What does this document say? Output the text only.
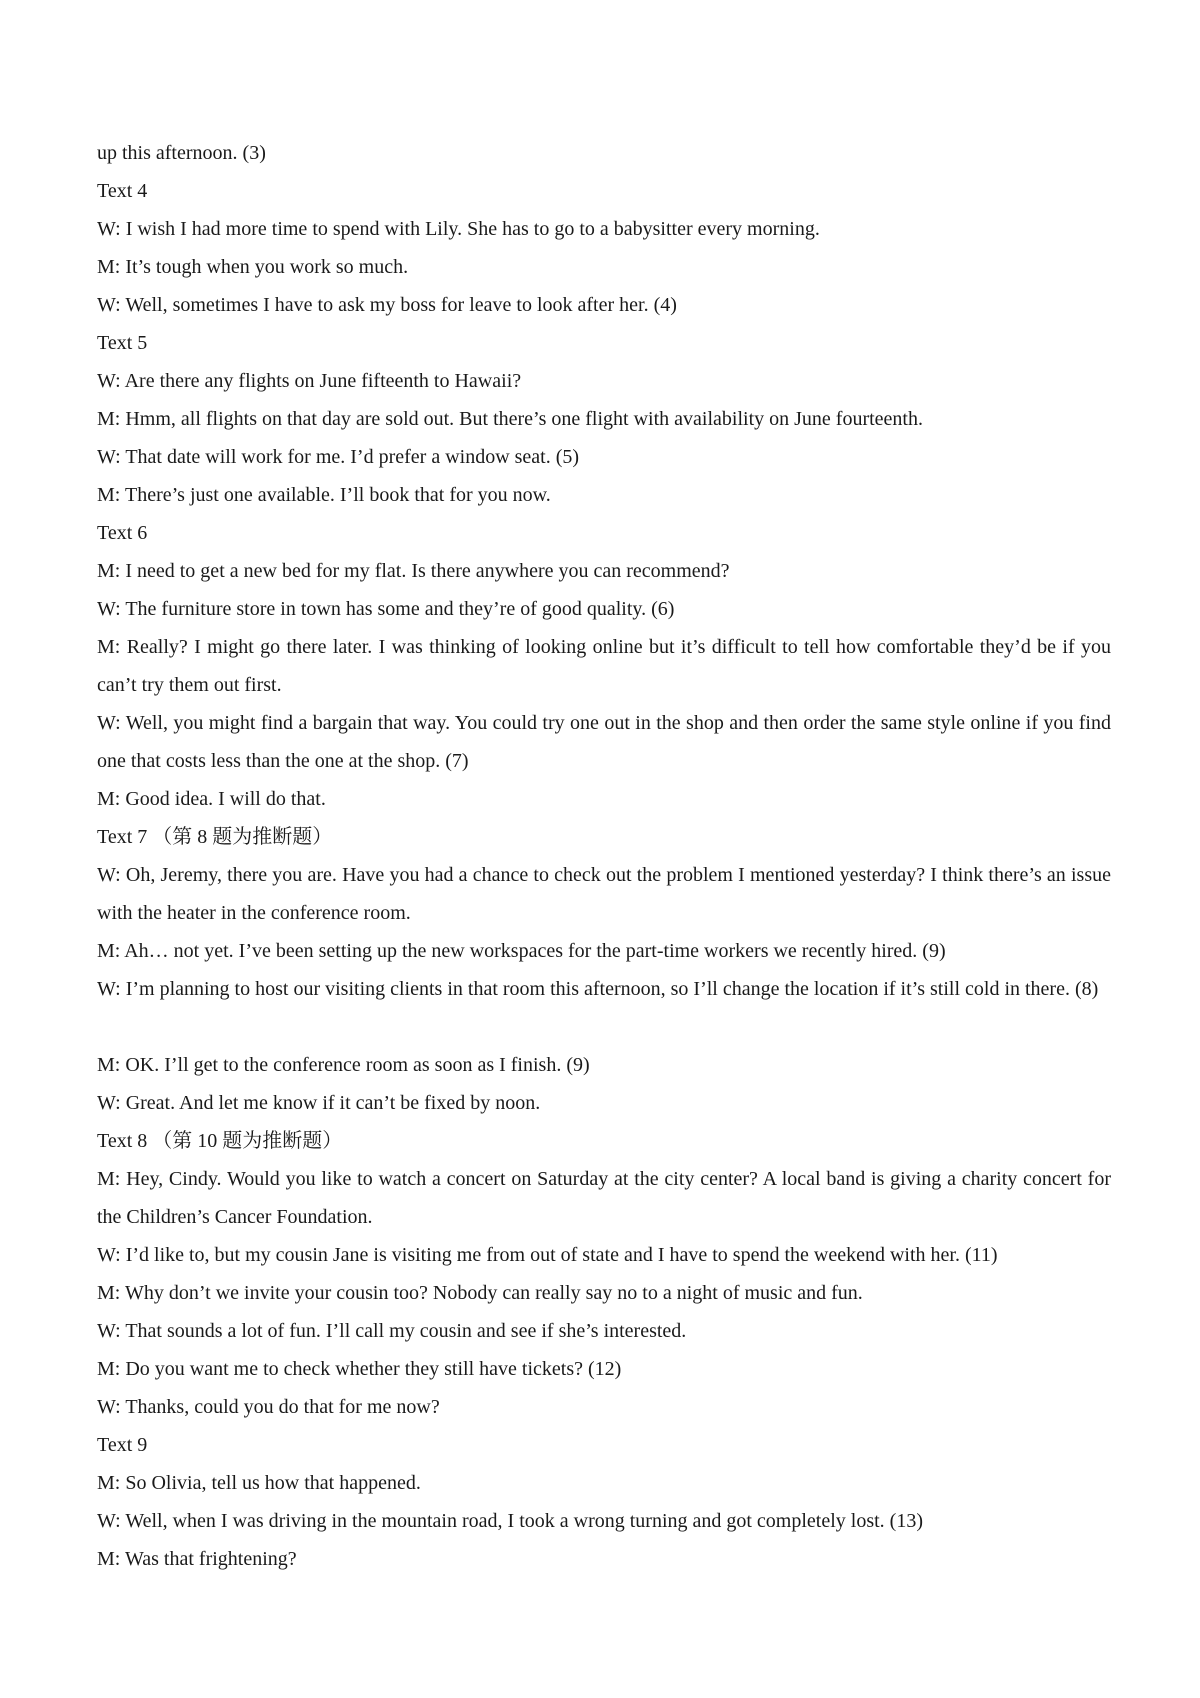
up this afternoon. (3)
Text 4
W: I wish I had more time to spend with Lily. She has to go to a babysitter every morning.
M: It’s tough when you work so much.
W: Well, sometimes I have to ask my boss for leave to look after her. (4)
Text 5
W: Are there any flights on June fifteenth to Hawaii?
M: Hmm, all flights on that day are sold out. But there’s one flight with availability on June fourteenth.
W: That date will work for me. I’d prefer a window seat. (5)
M: There’s just one available. I’ll book that for you now.
Text 6
M: I need to get a new bed for my flat. Is there anywhere you can recommend?
W: The furniture store in town has some and they’re of good quality. (6)
M: Really? I might go there later. I was thinking of looking online but it’s difficult to tell how comfortable they’d be if you can’t try them out first.
W: Well, you might find a bargain that way. You could try one out in the shop and then order the same style online if you find one that costs less than the one at the shop. (7)
M: Good idea. I will do that.
Text 7 （第 8 题为推断题）
W: Oh, Jeremy, there you are. Have you had a chance to check out the problem I mentioned yesterday? I think there’s an issue with the heater in the conference room.
M: Ah… not yet. I’ve been setting up the new workspaces for the part-time workers we recently hired. (9)
W: I’m planning to host our visiting clients in that room this afternoon, so I’ll change the location if it’s still cold in there. (8)
M: OK. I’ll get to the conference room as soon as I finish. (9)
W: Great. And let me know if it can’t be fixed by noon.
Text 8 （第 10 题为推断题）
M: Hey, Cindy. Would you like to watch a concert on Saturday at the city center? A local band is giving a charity concert for the Children’s Cancer Foundation.
W: I’d like to, but my cousin Jane is visiting me from out of state and I have to spend the weekend with her. (11)
M: Why don’t we invite your cousin too? Nobody can really say no to a night of music and fun.
W: That sounds a lot of fun. I’ll call my cousin and see if she’s interested.
M: Do you want me to check whether they still have tickets? (12)
W: Thanks, could you do that for me now?
Text 9
M: So Olivia, tell us how that happened.
W: Well, when I was driving in the mountain road, I took a wrong turning and got completely lost. (13)
M: Was that frightening?
